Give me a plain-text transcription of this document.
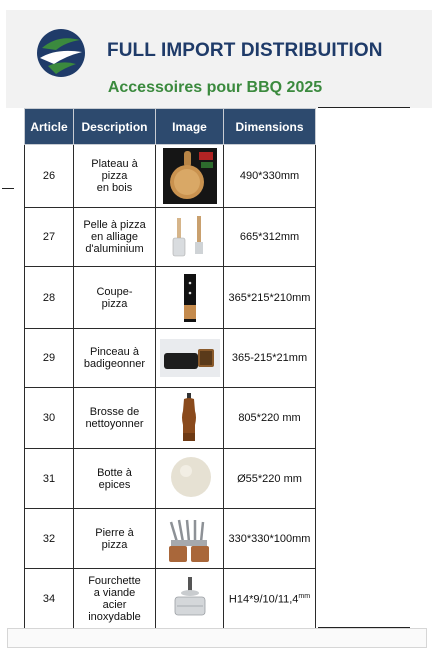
FULL IMPORT DISTRIBUITION
Accessoires pour BBQ 2025
Article	Description	Image	Dimensions
26	Plateau à
pizza
en bois		490*330mm
27	Pelle à pizza
en alliage
d'aluminium		665*312mm
28	Coupe-
pizza		365*215*210mm
29	Pinceau à
badigeonner		365-215*21mm
30	Brosse de
nettoyonner		805*220 mm
31	Botte à
epices		Ø55*220 mm
32	Pierre à
pizza		330*330*100mm
34	Fourchette
a viande
acier inoxydable		$H14*9/10/11,4^{mm}$
